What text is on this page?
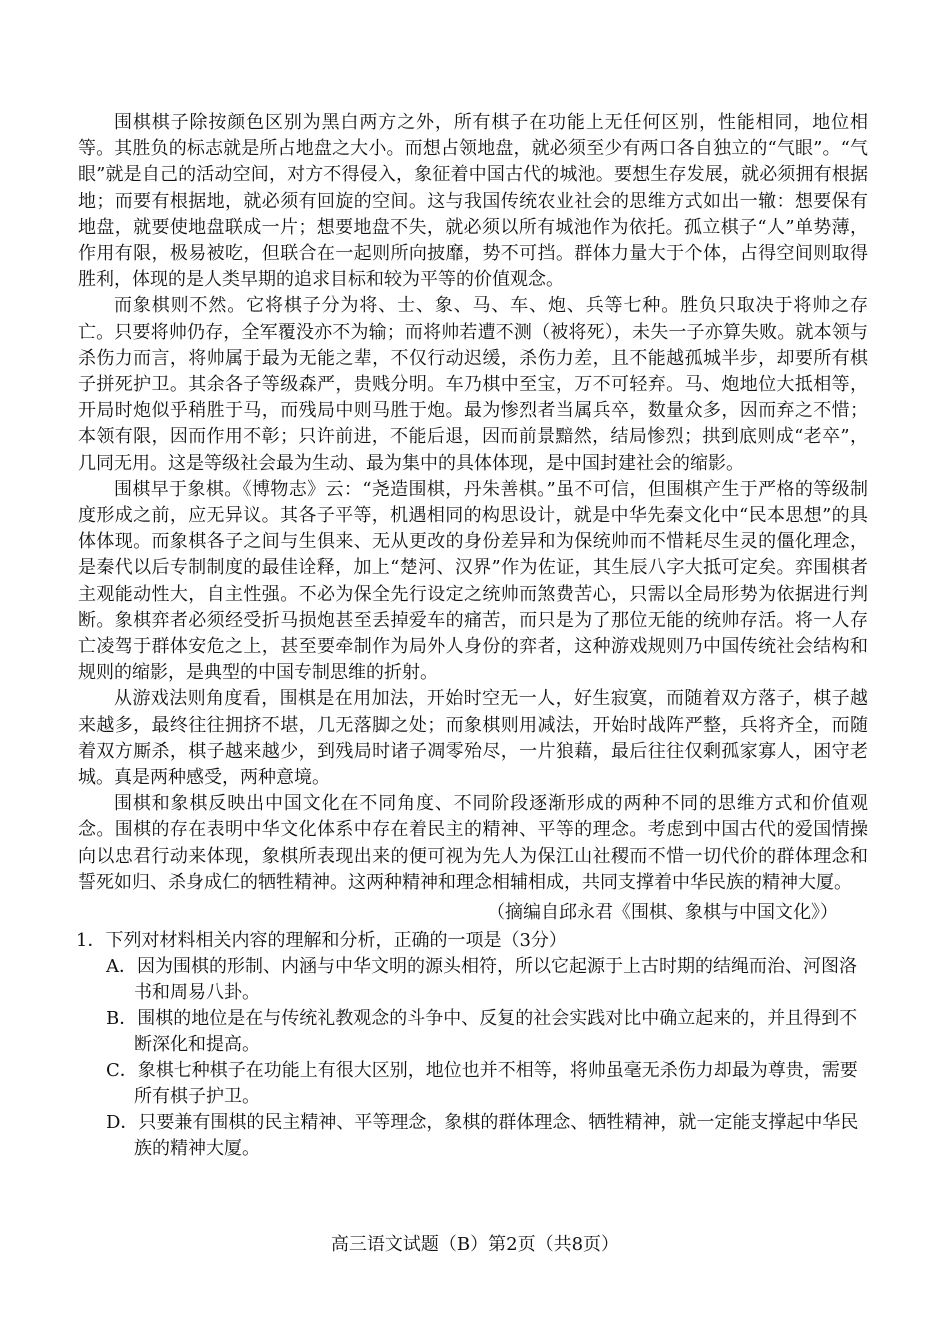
围棋棋子除按颜色区别为黑白两方之外，所有棋子在功能上无任何区别，性能相同，地位相等。其胜负的标志就是所占地盘之大小。而想占领地盘，就必须至少有两口各自独立的“气眼”。“气眼”就是自己的活动空间，对方不得侵入，象征着中国古代的城池。要想生存发展，就必须拥有根据地；而要有根据地，就必须有回旋的空间。这与我国传统农业社会的思维方式如出一辙：想要保有地盘，就要使地盘联成一片；想要地盘不失，就必须以所有城池作为依托。孤立棋子“人”单势薄，作用有限，极易被吃，但联合在一起则所向披靡，势不可挡。群体力量大于个体，占得空间则取得胜利，体现的是人类早期的追求目标和较为平等的价值观念。

而象棋则不然。它将棋子分为将、士、象、马、车、炮、兵等七种。胜负只取决于将帅之存亡。只要将帅仍存，全军覆没亦不为输；而将帅若遭不测（被将死），未失一子亦算失败。就本领与杀伤力而言，将帅属于最为无能之辈，不仅行动迟缓，杀伤力差，且不能越孤城半步，却要所有棋子拼死护卫。其余各子等级森严，贵贱分明。车乃棋中至宝，万不可轻弃。马、炮地位大抵相等，开局时炮似乎稍胜于马，而残局中则马胜于炮。最为惨烈者当属兵卒，数量众多，因而弃之不惜；本领有限，因而作用不彰；只许前进，不能后退，因而前景黯然，结局惨烈；拱到底则成“老卒”，几同无用。这是等级社会最为生动、最为集中的具体体现，是中国封建社会的缩影。

围棋早于象棋。《博物志》云：“尧造围棋，丹朱善棋。”虽不可信，但围棋产生于严格的等级制度形成之前，应无异议。其各子平等，机遇相同的构思设计，就是中华先秦文化中“民本思想”的具体体现。而象棋各子之间与生俱来、无从更改的身份差异和为保统帅而不惜耗尽生灵的僵化理念，是秦代以后专制制度的最佳诠释，加上“楚河、汉界”作为佐证，其生辰八字大抵可定矣。弈围棋者主观能动性大，自主性强。不必为保全先行设定之统帅而煞费苦心，只需以全局形势为依据进行判断。象棋弈者必须经受折马损炮甚至丢掉爱车的痛苦，而只是为了那位无能的统帅存活。将一人存亡凌驾于群体安危之上，甚至要牵制作为局外人身份的弈者，这种游戏规则乃中国传统社会结构和规则的缩影，是典型的中国专制思维的折射。

从游戏法则角度看，围棋是在用加法，开始时空无一人，好生寂寞，而随着双方落子，棋子越来越多，最终往往拥挤不堪，几无落脚之处；而象棋则用减法，开始时战阵严整，兵将齐全，而随着双方厮杀，棋子越来越少，到残局时诸子凋零殆尽，一片狼藉，最后往往仅剩孤家寡人，困守老城。真是两种感受，两种意境。

围棋和象棋反映出中国文化在不同角度、不同阶段逐渐形成的两种不同的思维方式和价值观念。围棋的存在表明中华文化体系中存在着民主的精神、平等的理念。考虑到中国古代的爱国情操向以忠君行动来体现，象棋所表现出来的便可视为先人为保江山社稷而不惜一切代价的群体理念和誓死如归、杀身成仁的牺牲精神。这两种精神和理念相辅相成，共同支撑着中华民族的精神大厦。

（摘编自邱永君《围棋、象棋与中国文化》）
1．下列对材料相关内容的理解和分析，正确的一项是（3分）
A．因为围棋的形制、内涵与中华文明的源头相符，所以它起源于上古时期的结绳而治、河图洛书和周易八卦。
B．围棋的地位是在与传统礼教观念的斗争中、反复的社会实践对比中确立起来的，并且得到不断深化和提高。
C．象棋七种棋子在功能上有很大区别，地位也并不相等，将帅虽毫无杀伤力却最为尊贵，需要所有棋子护卫。
D．只要兼有围棋的民主精神、平等理念，象棋的群体理念、牺牲精神，就一定能支撑起中华民族的精神大厦。
高三语文试题（B）第2页（共8页）
